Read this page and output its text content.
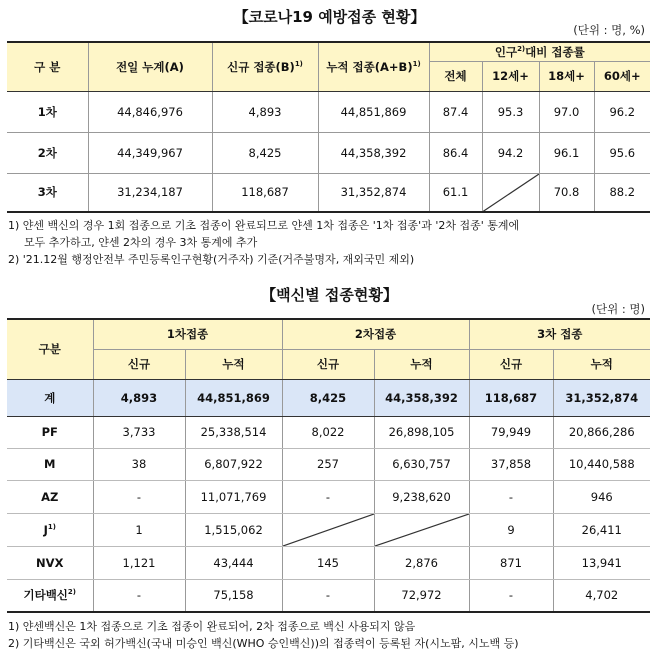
【코로나19 예방접종 현황】
(단위 : 명, %)
구 분	전일 누계(A)	신규 접종$(B)^{1)}$	누적 접종$(A+B)^{1)}$	인구$^{2)}$대비 접종률			
				전체	12세+	18세+	60세+
1차	44,846,976	4,893	44,851,869	87.4	95.3	97.0	96.2
2차	44,349,967	8,425	44,358,392	86.4	94.2	96.1	95.6
3차	31,234,187	118,687	31,352,874	61.1		70.8	88.2
1) 얀센 백신의 경우 1회 접종으로 기초 접종이 완료되므로 얀센 1차 접종은 '1차 접종'과 '2차 접종' 통계에
모두 추가하고, 얀센 2차의 경우 3차 통계에 추가
2) '21.12월 행정안전부 주민등록인구현황(거주자) 기준(거주불명자, 재외국민 제외)
【백신별 접종현황】
(단위 : 명)
구분	1차접종		2차접종		3차 접종	
	신규	누적	신규	누적	신규	누적
계	4,893	44,851,869	8,425	44,358,392	118,687	31,352,874
PF	3,733	25,338,514	8,022	26,898,105	79,949	20,866,286
M	38	6,807,922	257	6,630,757	37,858	10,440,588
AZ	-	11,071,769	-	9,238,620	-	946
$J^{1)}$	1	1,515,062			9	26,411
NVX	1,121	43,444	145	2,876	871	13,941
기타백신$^{2)}$	-	75,158	-	72,972	-	4,702
1) 얀센백신은 1차 접종으로 기초 접종이 완료되어, 2차 접종으로 백신 사용되지 않음
2) 기타백신은 국외 허가백신(국내 미승인 백신(WHO 승인백신))의 접종력이 등록된 자(시노팜, 시노백 등)
